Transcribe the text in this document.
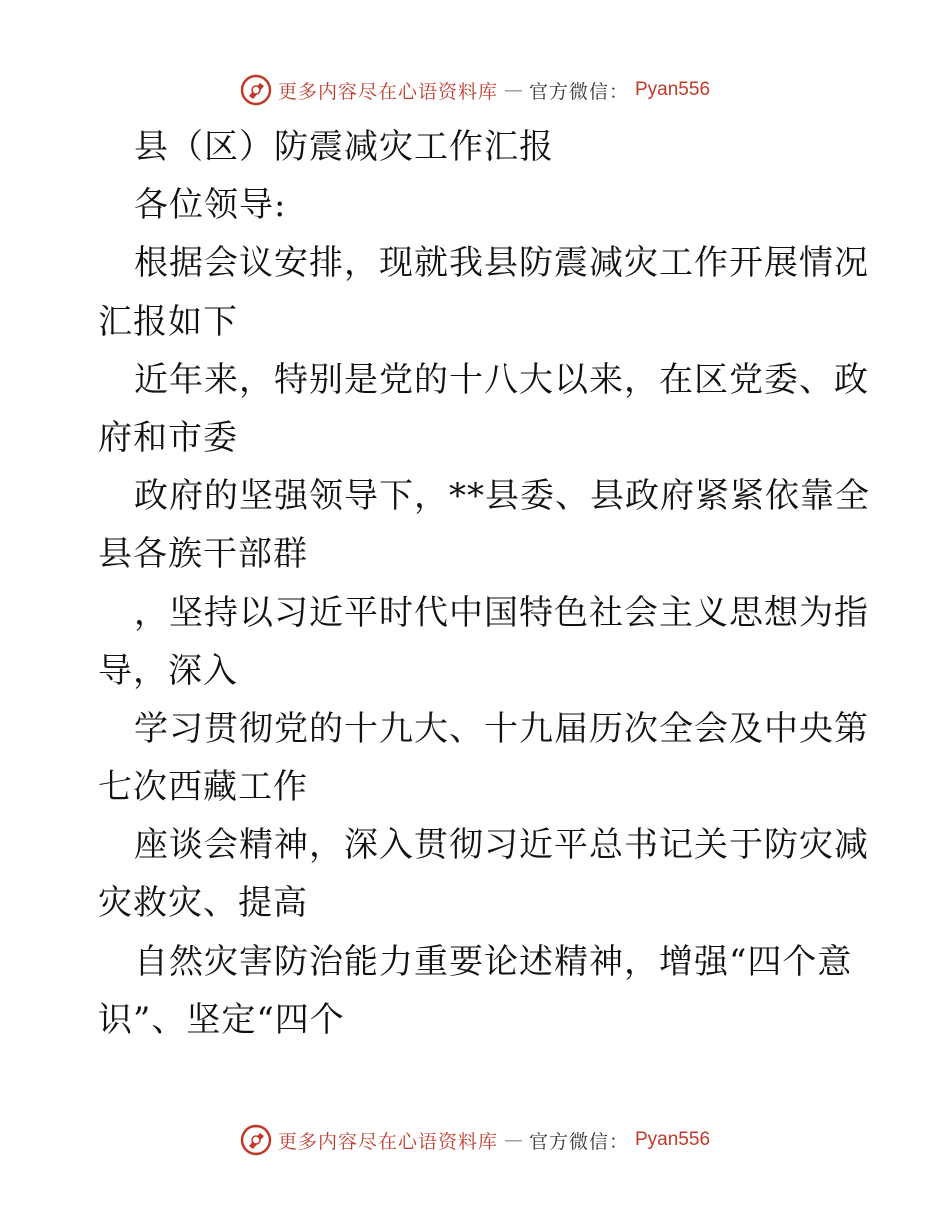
更多内容尽在心语资料库 — 官方微信： Pyan556
县（区）防震减灾工作汇报
各位领导:
根据会议安排，现就我县防震减灾工作开展情况
汇报如下
近年来，特别是党的十八大以来，在区党委、政
府和市委
政府的坚强领导下，**县委、县政府紧紧依靠全
县各族干部群
，坚持以习近平时代中国特色社会主义思想为指
导，深入
学习贯彻党的十九大、十九届历次全会及中央第
七次西藏工作
座谈会精神，深入贯彻习近平总书记关于防灾减
灾救灾、提高
自然灾害防治能力重要论述精神，增强“四个意
识”、坚定“四个
更多内容尽在心语资料库 — 官方微信： Pyan556
